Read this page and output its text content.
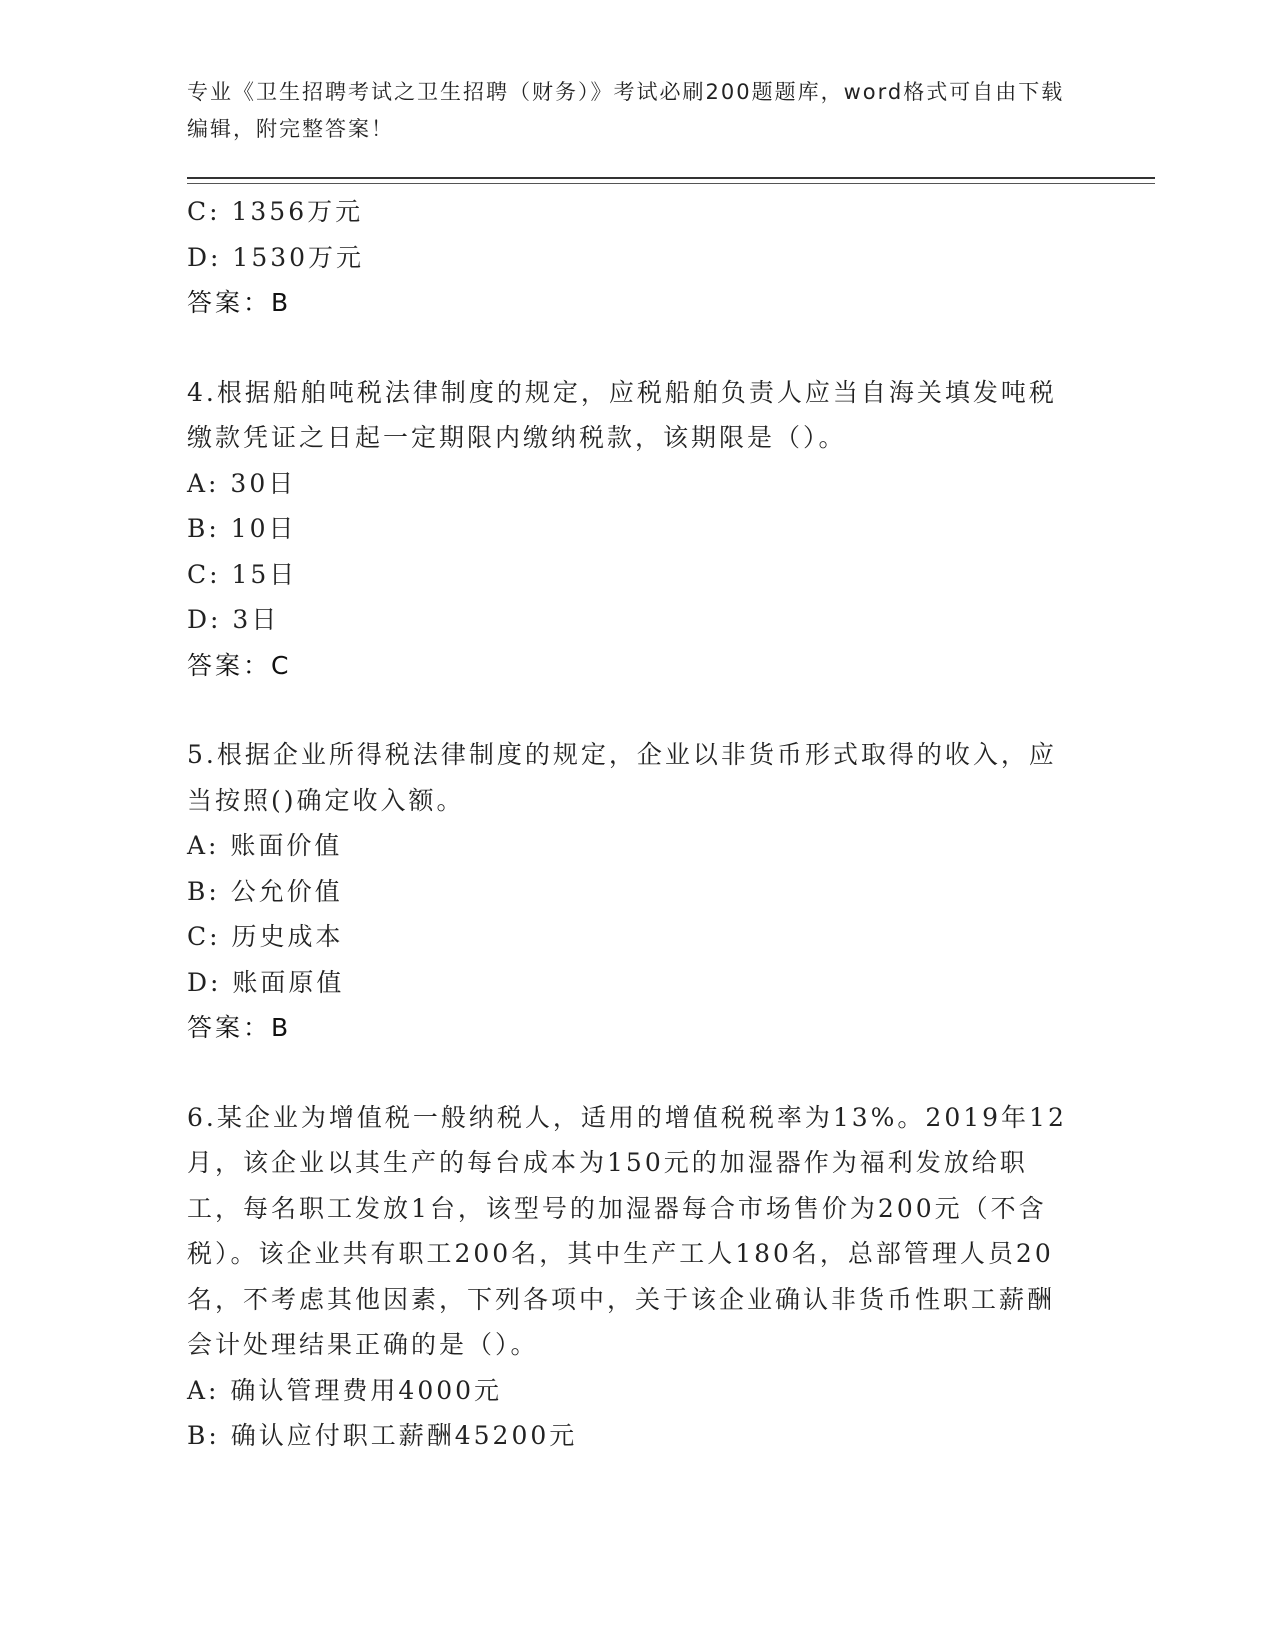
专业《卫生招聘考试之卫生招聘（财务）》考试必刷200题题库，word格式可自由下载编辑，附完整答案！
C: 1356万元
D: 1530万元
答案：B
4.根据船舶吨税法律制度的规定，应税船舶负责人应当自海关填发吨税缴款凭证之日起一定期限内缴纳税款，该期限是（）。
A: 30日
B: 10日
C: 15日
D: 3日
答案：C
5.根据企业所得税法律制度的规定，企业以非货币形式取得的收入，应当按照()确定收入额。
A: 账面价值
B: 公允价值
C: 历史成本
D: 账面原值
答案：B
6.某企业为增值税一般纳税人，适用的增值税税率为13%。2019年12月，该企业以其生产的每台成本为150元的加湿器作为福利发放给职工，每名职工发放1台，该型号的加湿器每合市场售价为200元（不含税）。该企业共有职工200名，其中生产工人180名，总部管理人员20名，不考虑其他因素，下列各项中，关于该企业确认非货币性职工薪酬会计处理结果正确的是（）。
A: 确认管理费用4000元
B: 确认应付职工薪酬45200元
